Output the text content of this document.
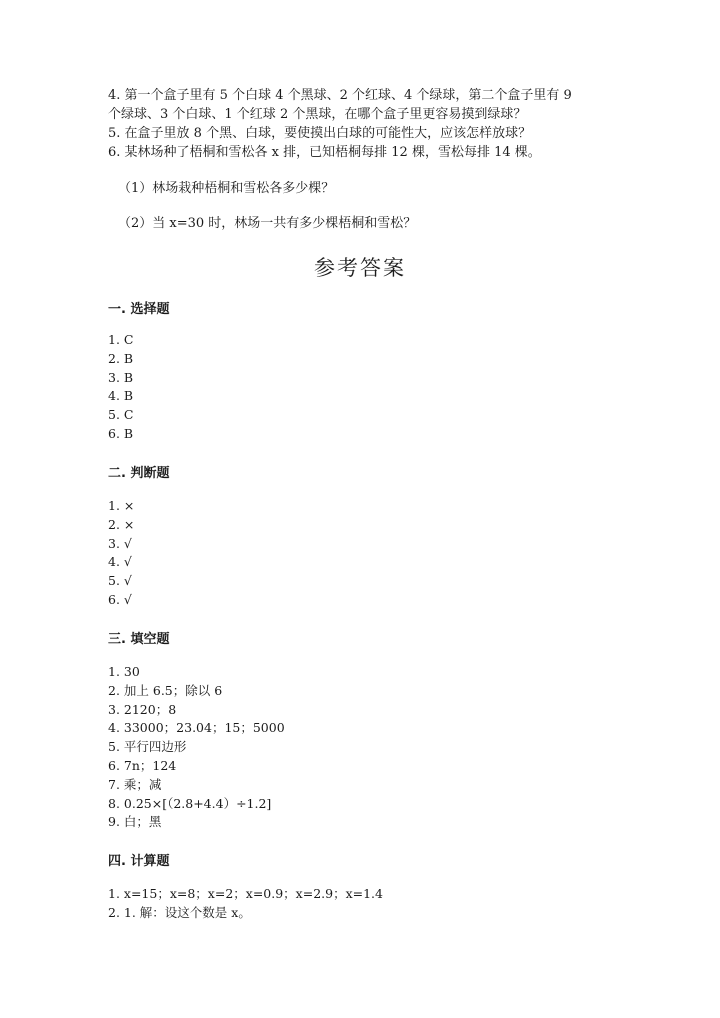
4. 第一个盒子里有 5 个白球 4 个黑球、2 个红球、4 个绿球，第二个盒子里有 9
个绿球、3 个白球、1 个红球 2 个黑球，在哪个盒子里更容易摸到绿球？
5. 在盒子里放 8 个黑、白球，要使摸出白球的可能性大，应该怎样放球？
6. 某林场种了梧桐和雪松各 x 排，已知梧桐每排 12 棵，雪松每排 14 棵。
（1）林场栽种梧桐和雪松各多少棵？
（2）当 x=30 时，林场一共有多少棵梧桐和雪松？
参考答案
一. 选择题
1. C
2. B
3. B
4. B
5. C
6. B
二. 判断题
1. ×
2. ×
3. √
4. √
5. √
6. √
三. 填空题
1. 30
2. 加上 6.5；除以 6
3. 2120；8
4. 33000；23.04；15；5000
5. 平行四边形
6. 7n；124
7. 乘；减
8. 0.25×[（2.8+4.4）÷1.2]
9. 白；黑
四. 计算题
1. x=15；x=8；x=2；x=0.9；x=2.9；x=1.4
2. 1. 解：设这个数是 x。
